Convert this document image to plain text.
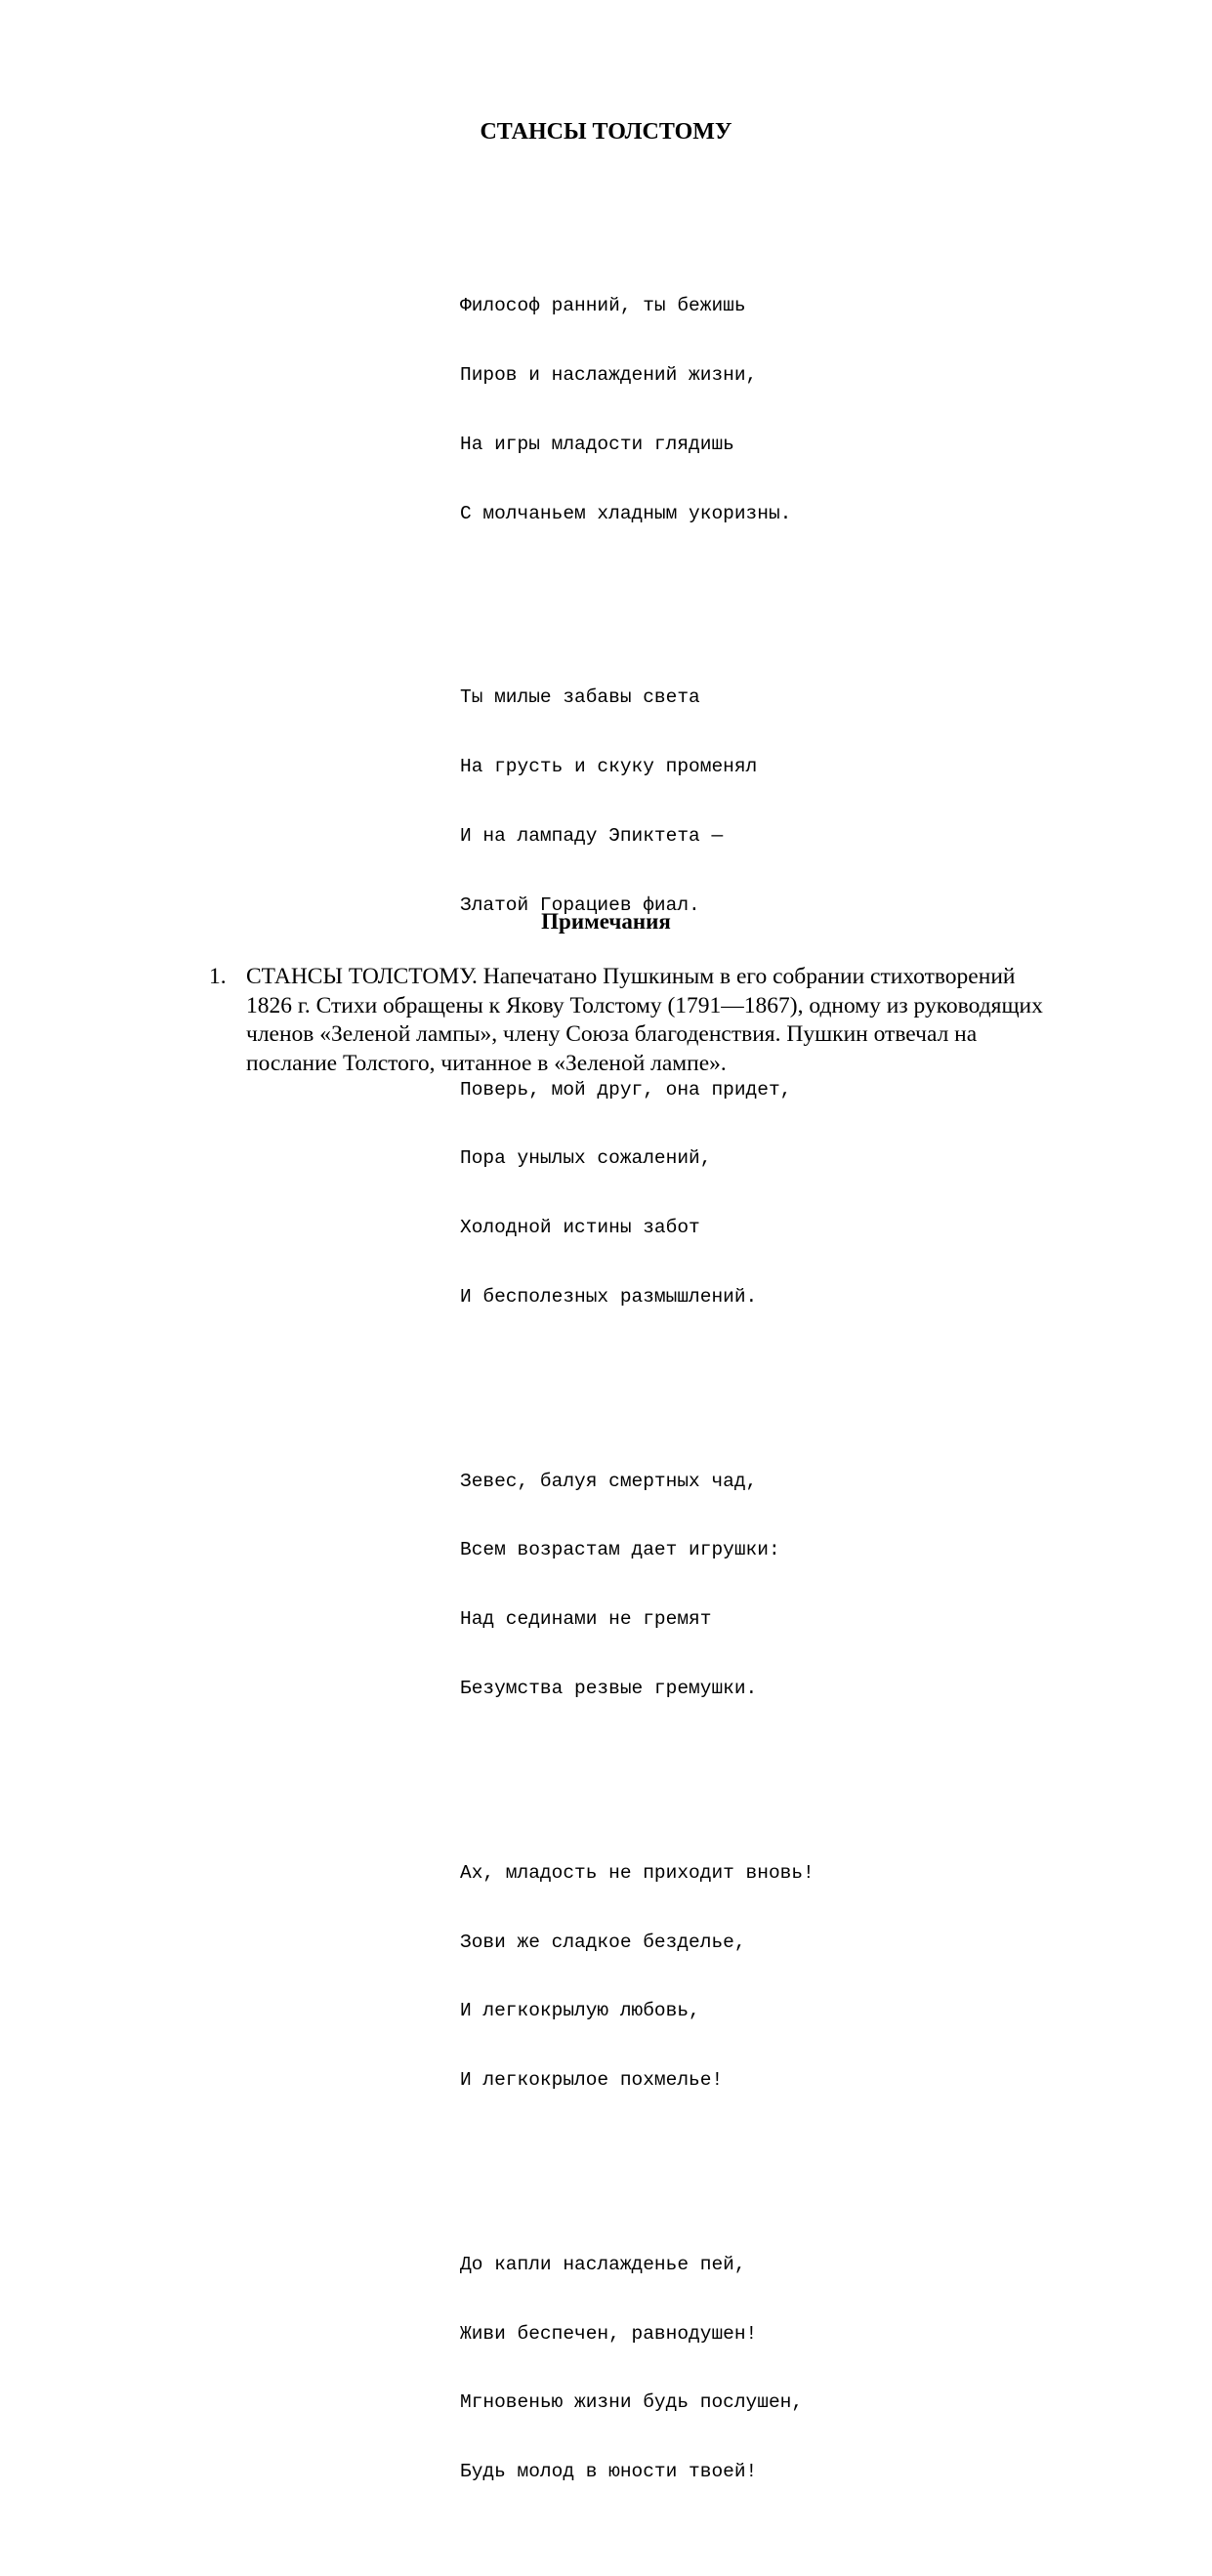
СТАНСЫ ТОЛСТОМУ

Философ ранний, ты бежишь

Пиров и наслаждений жизни,

На игры младости глядишь

С молчаньем хладным укоризны.

Ты милые забавы света

На грусть и скуку променял

И на лампаду Эпиктета —

Златой Горациев фиал.

Поверь, мой друг, она придет,

Пора унылых сожалений,

Холодной истины забот

И бесполезных размышлений.

Зевес, балуя смертных чад,

Всем возрастам дает игрушки:

Над сединами не гремят

Безумства резвые гремушки.

Ах, младость не приходит вновь!

Зови же сладкое безделье,

И легкокрылую любовь,

И легкокрылое похмелье!

До капли наслажденье пей,

Живи беспечен, равнодушен!

Мгновенью жизни будь послушен,

Будь молод в юности твоей!

Примечания
1. СТАНСЫ ТОЛСТОМУ. Напечатано Пушкиным в его собрании стихотворений
1826 г. Стихи обращены к Якову Толстому (1791—1867), одному из руководящих
членов «Зеленой лампы», члену Союза благоденствия. Пушкин отвечал на
послание Толстого, читанное в «Зеленой лампе».
